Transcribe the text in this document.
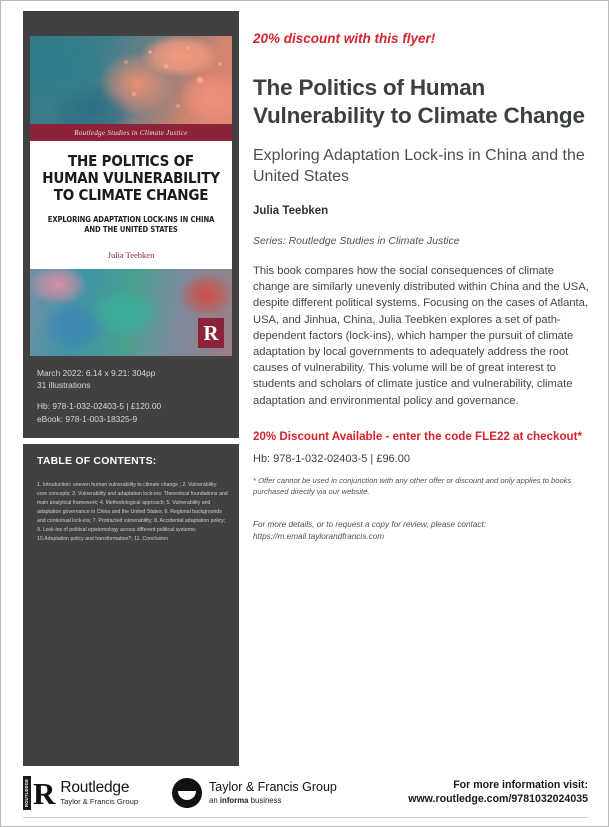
Routledge Studies in Climate Justice
THE POLITICS OF HUMAN VULNERABILITY TO CLIMATE CHANGE
EXPLORING ADAPTATION LOCK-INS IN CHINA AND THE UNITED STATES
Julia Teebken
R
March 2022: 6.14 x 9.21: 304pp
31 illustrations
Hb: 978-1-032-02403-5 | £120.00
eBook: 978-1-003-18325-9
TABLE OF CONTENTS:
1. Introduction: uneven human vulnerability to climate change ; 2. Vulnerability: core concepts; 3. Vulnerability and adaptation lock-ins: Theoretical foundations and main analytical framework; 4. Methodological approach; 5. Vulnerability and adaptation governance in China and the United States; 6. Regional backgrounds and contextual lock-ins; 7. Protracted vulnerability; 8. Accidental adaptation policy; 9. Lock-ins of political epistemology across different political systems; 10.Adaptation policy and transformation?; 11. Conclusion
20% discount with this flyer!
The Politics of Human Vulnerability to Climate Change
Exploring Adaptation Lock-ins in China and the United States
Julia Teebken
Series: Routledge Studies in Climate Justice
This book compares how the social consequences of climate change are similarly unevenly distributed within China and the USA, despite different political systems. Focusing on the cases of Atlanta, USA, and Jinhua, China, Julia Teebken explores a set of path-dependent factors (lock-ins), which hamper the pursuit of climate adaptation by local governments to adequately address the root causes of vulnerability. This volume will be of great interest to students and scholars of climate justice and vulnerability, climate adaptation and environmental policy and governance.
20% Discount Available - enter the code FLE22 at checkout*
Hb: 978-1-032-02403-5 | £96.00
* Offer cannot be used in conjunction with any other offer or discount and only applies to books purchased directly via our website.
For more details, or to request a copy for review, please contact: https://m.email.taylorandfrancis.com
ROUTLEDGE R Routledge
Taylor & Francis Group
Taylor & Francis Group
an informa business
For more information visit:
www.routledge.com/9781032024035
